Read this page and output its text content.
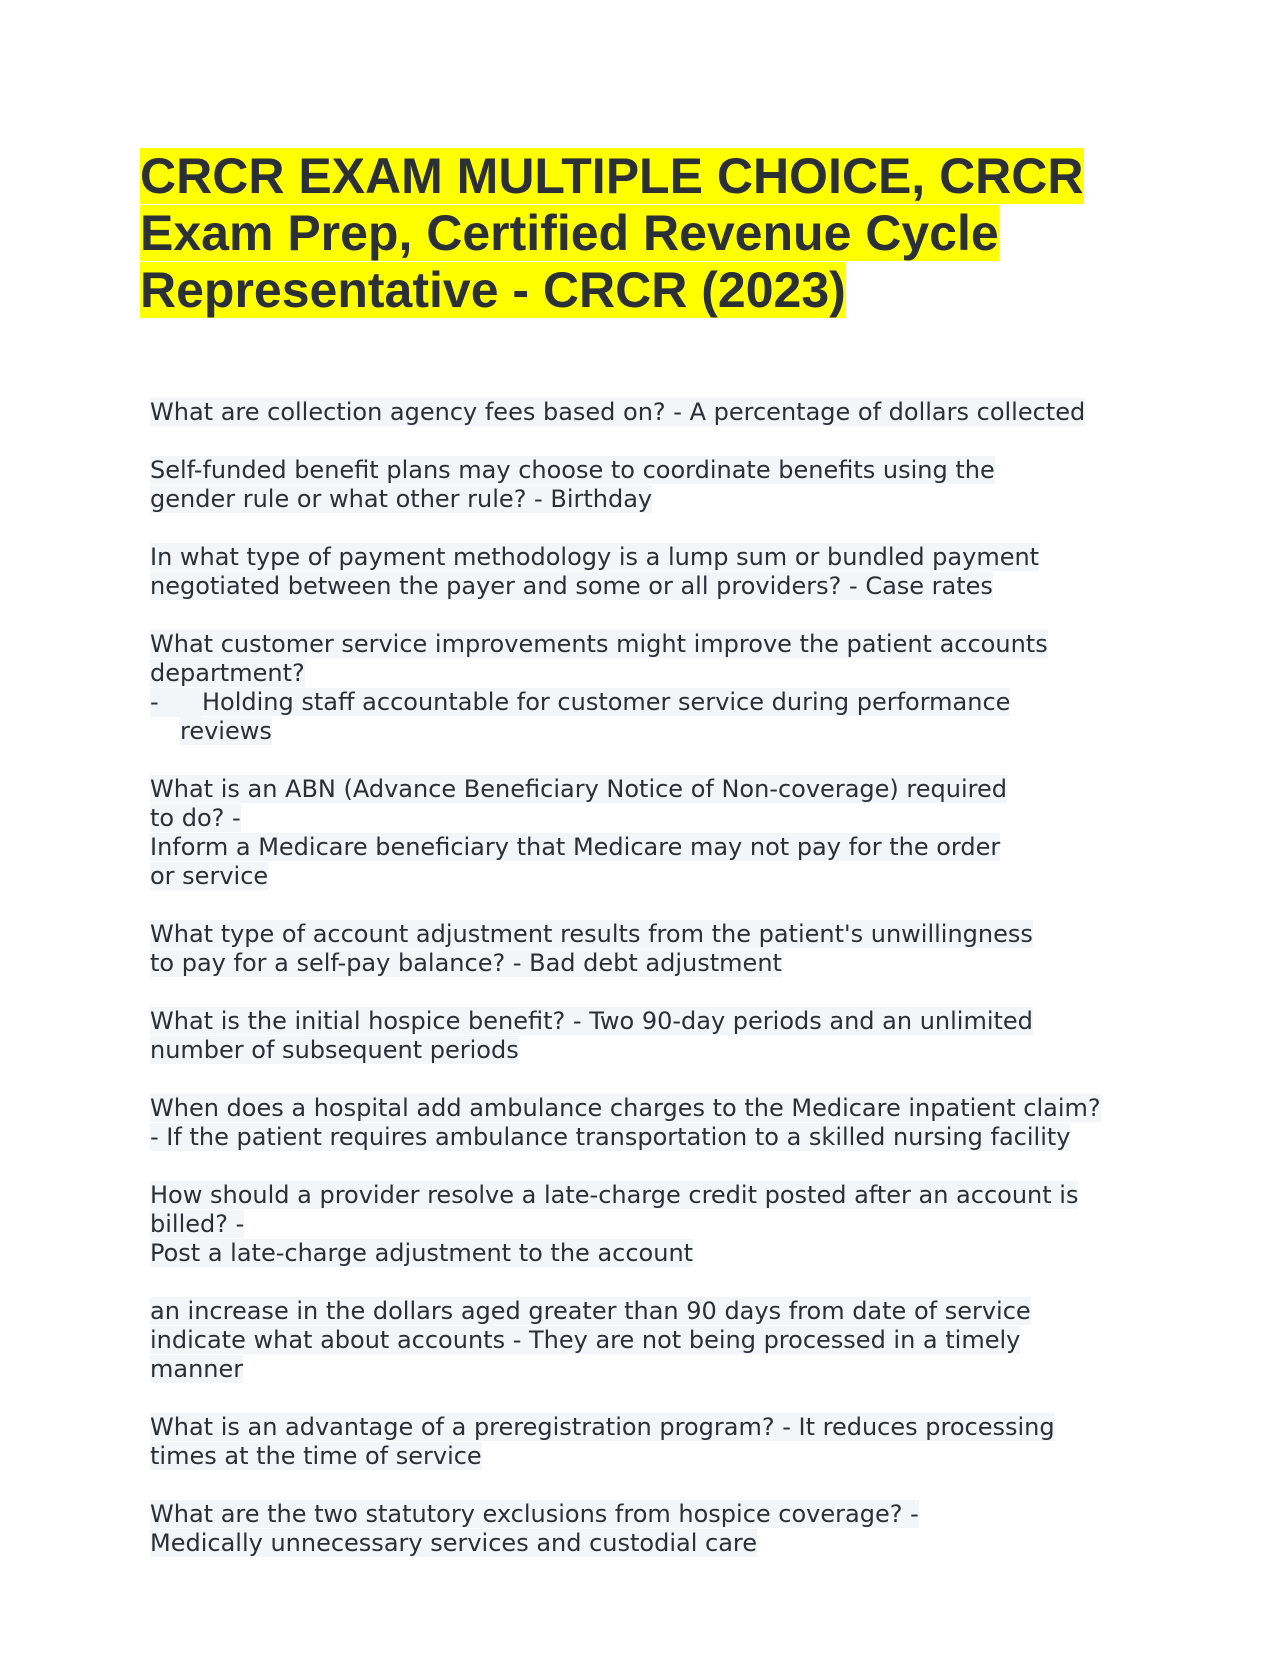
CRCR EXAM MULTIPLE CHOICE, CRCR Exam Prep, Certified Revenue Cycle Representative - CRCR (2023)

What are collection agency fees based on? - A percentage of dollars collected

Self-funded benefit plans may choose to coordinate benefits using the gender rule or what other rule? - Birthday

In what type of payment methodology is a lump sum or bundled payment negotiated between the payer and some or all providers? - Case rates

What customer service improvements might improve the patient accounts department?
- Holding staff accountable for customer service during performance
reviews
What is an ABN (Advance Beneficiary Notice of Non-coverage) required to do? -
Inform a Medicare beneficiary that Medicare may not pay for the order or service

What type of account adjustment results from the patient's unwillingness to pay for a self-pay balance? - Bad debt adjustment

What is the initial hospice benefit? - Two 90-day periods and an unlimited number of subsequent periods

When does a hospital add ambulance charges to the Medicare inpatient claim? - If the patient requires ambulance transportation to a skilled nursing facility

How should a provider resolve a late-charge credit posted after an account is billed? -
Post a late-charge adjustment to the account

an increase in the dollars aged greater than 90 days from date of service indicate what about accounts - They are not being processed in a timely manner

What is an advantage of a preregistration program? - It reduces processing times at the time of service

What are the two statutory exclusions from hospice coverage? -
Medically unnecessary services and custodial care
